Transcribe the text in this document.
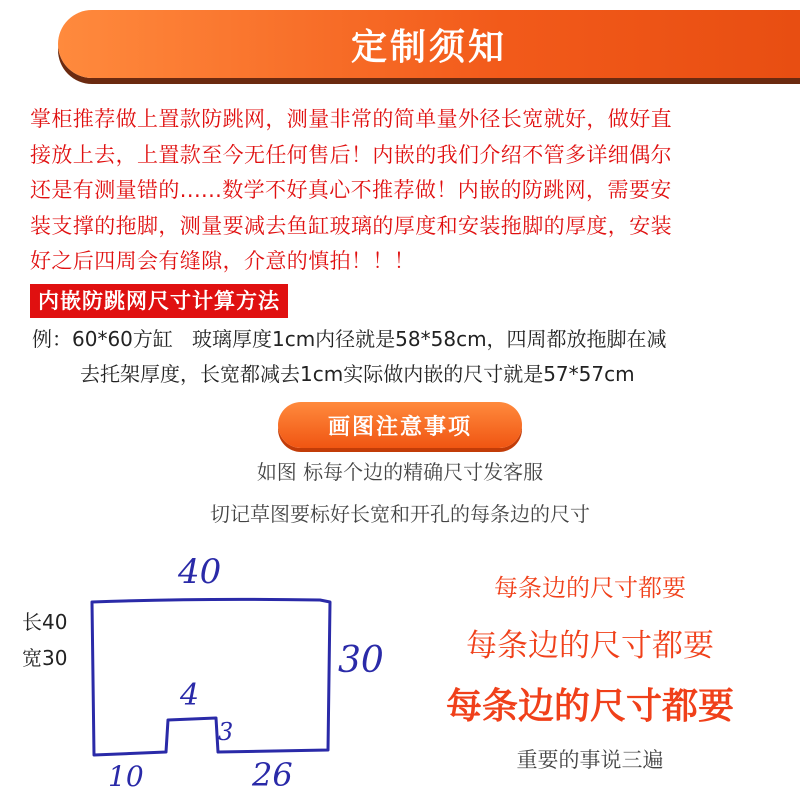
定制须知
掌柜推荐做上置款防跳网，测量非常的简单量外径长宽就好，做好直
接放上去，上置款至今无任何售后！内嵌的我们介绍不管多详细偶尔
还是有测量错的......数学不好真心不推荐做！内嵌的防跳网，需要安
装支撑的拖脚，测量要减去鱼缸玻璃的厚度和安装拖脚的厚度，安装
好之后四周会有缝隙，介意的慎拍！！！
内嵌防跳网尺寸计算方法
例：60*60方缸   玻璃厚度1cm内径就是58*58cm，四周都放拖脚在减
去托架厚度，长宽都减去1cm实际做内嵌的尺寸就是57*57cm
画图注意事项
如图 标每个边的精确尺寸发客服
切记草图要标好长宽和开孔的每条边的尺寸
长40
宽30
40
30
4
3
10	26
每条边的尺寸都要
每条边的尺寸都要
每条边的尺寸都要
重要的事说三遍
